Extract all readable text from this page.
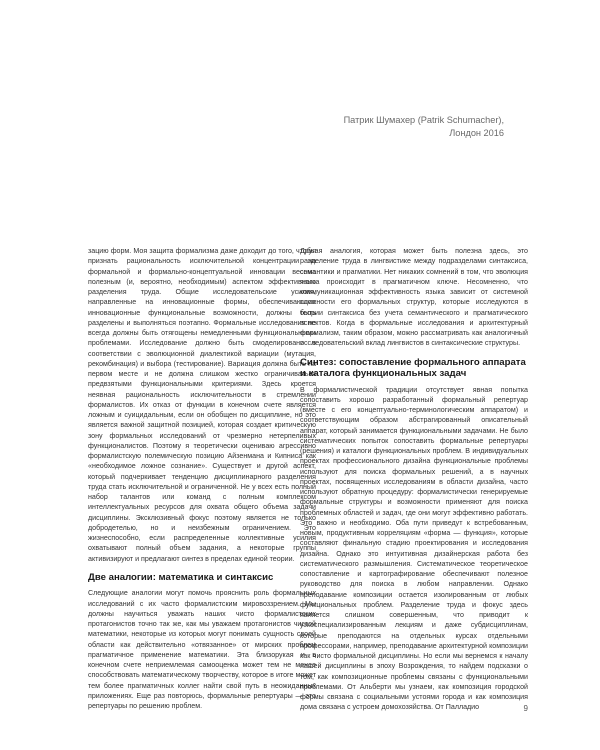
Патрик Шумахер (Patrik Schumacher),
Лондон 2016

зацию форм. Моя защита формализма даже доходит до того, чтобы признать рациональность исключительной концентрации на формальной и формально-концептуальной инновации весьма полезным (и, вероятно, необходимым) аспектом эффективного разделения труда. Общие исследовательские усилия, направленные на инновационные формы, обеспечивающие инновационные функциональные возможности, должны быть разделены и выполняться поэтапно. Формальные исследования не всегда должны быть отягощены немедленными функциональными проблемами. Исследование должно быть смоделировано в соответствии с эволюционной диалектикой вариации (мутация, рекомбинация) и выбора (тестирование). Вариация должна быть на первом месте и не должна слишком жестко ограничиваться предвзятыми функциональными критериями. Здесь кроется неявная рациональность исключительности в стремлении формалистов. Их отказ от функции в конечном счете является ложным и суицидальным, если он обобщен по дисциплине, но это является важной защитной позицией, которая создает критическую зону формальных исследований от чрезмерно нетерпеливых функционалистов. Поэтому я теоретически оцениваю агрессивно формалистскую полемическую позицию Айзенмана и Кипниса как «необходимое ложное сознание». Существует и другой аспект, который подчеркивает тенденцию дисциплинарного разделения труда стать исключительной и ограниченной. Не у всех есть полный набор талантов или команд с полным комплексом интеллектуальных ресурсов для охвата общего объема задачи дисциплины. Эксклюзивный фокус поэтому является не только добродетелью, но и неизбежным ограничением. Это жизнеспособно, если распределенные коллективные усилия охватывают полный объем задания, а некоторые группы активизируют и предлагают синтез в пределах единой теории.

Две аналогии: математика и синтаксис

Следующие аналогии могут помочь прояснить роль формальных исследований с их часто формалистским мировоззрением. Мы должны научиться уважать наших чисто формалистских протагонистов точно так же, как мы уважаем протагонистов чистой математики, некоторые из которых могут понимать сущность своей области как действительно «отвязанное» от мирских проблем прагматичное применение математики. Эта близорукая и в конечном счете неприемлемая самооценка может тем не менее способствовать математическому творчеству, которое в итоге может тем более прагматичных коллег найти свой путь в неожиданных приложениях. Еще раз повторюсь, формальные репертуары — это репертуары по решению проблем.

Другая аналогия, которая может быть полезна здесь, это разделение труда в лингвистике между подразделами синтаксиса, семантики и прагматики. Нет никаких сомнений в том, что эволюция языка происходит в прагматичном ключе. Несомненно, что коммуникационная эффективность языка зависит от системной сложности его формальных структур, которые исследуются в теории синтаксиса без учета семантического и прагматического аспектов. Когда в формальные исследования и архитектурный формализм, таким образом, можно рассматривать как аналогичный исследовательский вклад лингвистов в синтаксические структуры.

Синтез: сопоставление формального аппарата и каталога функциональных задач

В формалистической традиции отсутствует явная попытка сопоставить хорошо разработанный формальный репертуар (вместе с его концептуально-терминологическим аппаратом) и соответствующим образом абстрагированный описательный аппарат, который занимается функциональными задачами. Не было систематических попыток сопоставить формальные репертуары (решения) и каталоги функциональных проблем. В индивидуальных проектах профессионального дизайна функциональные проблемы используют для поиска формальных решений, а в научных проектах, посвященных исследованиям в области дизайна, часто используют обратную процедуру: формалистически генерируемые формальные структуры и возможности применяют для поиска проблемных областей и задач, где они могут эффективно работать. Это важно и необходимо. Оба пути приведут к встребованным, новым, продуктивным корреляциям «форма — функция», которые составляют финальную стадию проектирования и исследования дизайна. Однако это интуитивная дизайнерская работа без систематического размышления. Систематическое теоретическое сопоставление и картографирование обеспечивают полезное руководство для поиска в любом направлении. Однако преподавание композиции остается изолированным от любых функциональных проблем. Разделение труда и фокус здесь является слишком совершенным, что приводит к узкоспециализированным лекциям и даже субдисциплинам, которые преподаются на отдельных курсах отдельными профессорами, например, преподавание архитектурной композиции как чисто формальной дисциплины. Но если мы вернемся к началу нашей дисциплины в эпоху Возрождения, то найдем подсказки о том, как композиционные проблемы связаны с функциональными проблемами. От Альберти мы узнаем, как композиция городской формы связана с социальными устоями города и как композиция дома связана с устроем домохозяйства. От Палладио	9
